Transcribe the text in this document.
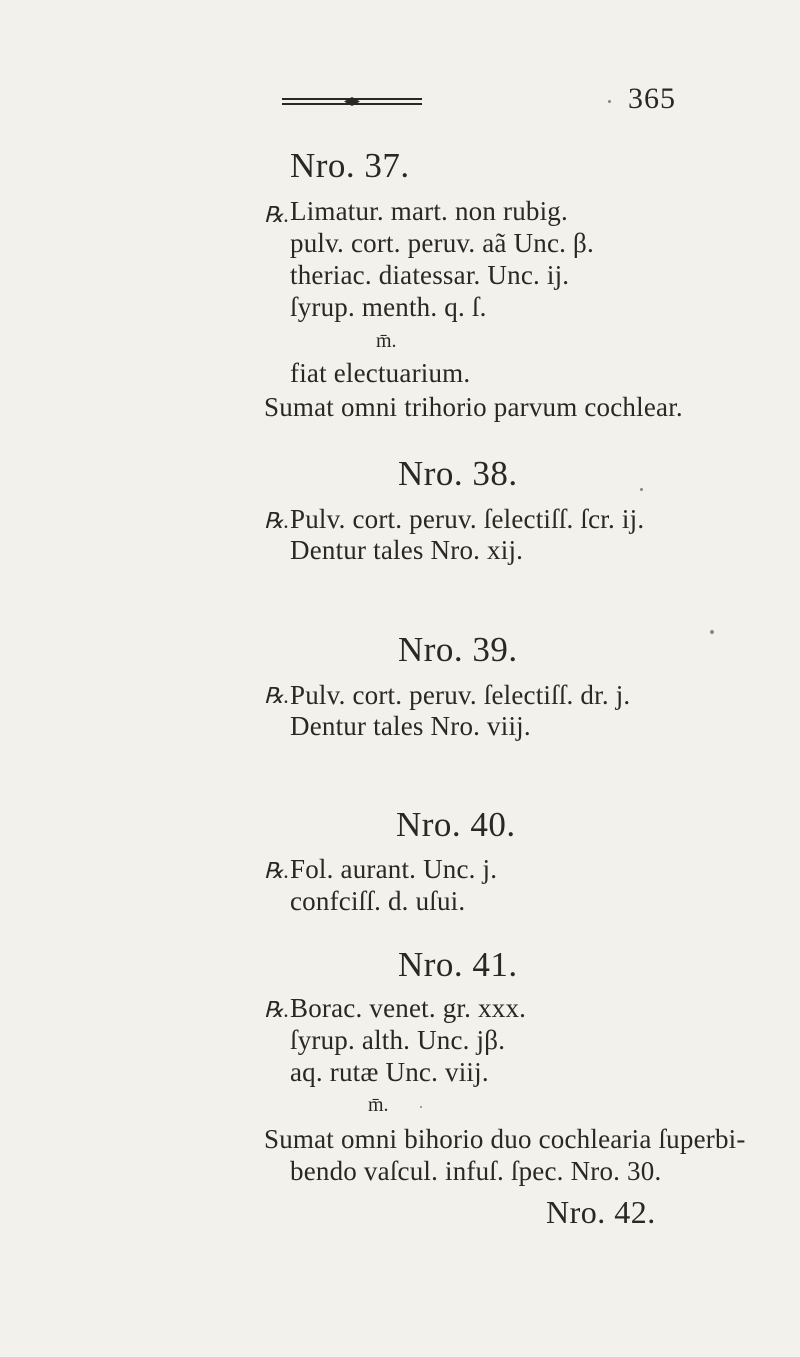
365
Nro. 37.
℞. Limatur. mart. non rubig.
pulv. cort. peruv. aã Unc. β.
theriac. diatessar. Unc. ij.
ſyrup. menth. q. ſ.
m̄.
fiat electuarium.
Sumat omni trihorio parvum cochlear.
Nro. 38.
℞. Pulv. cort. peruv. ſelectiſſ. ſcr. ij.
Dentur tales Nro. xij.
Nro. 39.
℞. Pulv. cort. peruv. ſelectiſſ. dr. j.
Dentur tales Nro. viij.
Nro. 40.
℞. Fol. aurant. Unc. j.
confciſſ. d. uſui.
Nro. 41.
℞. Borac. venet. gr. xxx.
ſyrup. alth. Unc. jβ.
aq. rutæ Unc. viij.
m̄.
Sumat omni bihorio duo cochlearia ſuperbi-
bendo vaſcul. infuſ. ſpec. Nro. 30.
Nro. 42.
